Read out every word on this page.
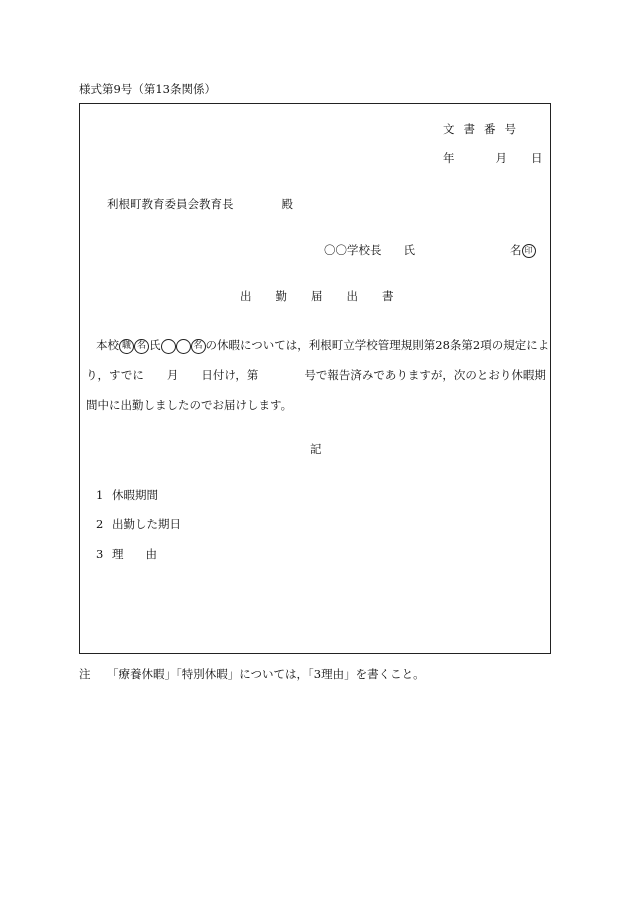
様式第9号（第13条関係）
文書番号
年	月 日
利根町教育委員会教育長	殿
〇〇学校長 氏	名 印
出 勤 届 出 書
本校 職 名 氏	名 の休暇については，利根町立学校管理規則第28条第2項の規定によ
り，すでに　　月　　日付け，第　　　　号で報告済みでありますが，次のとおり休暇期
間中に出勤しましたのでお届けします。
記
1 休暇期間
2 出勤した期日
3 理 由
注 「療養休暇」「特別休暇」については，「3理由」を書くこと。
